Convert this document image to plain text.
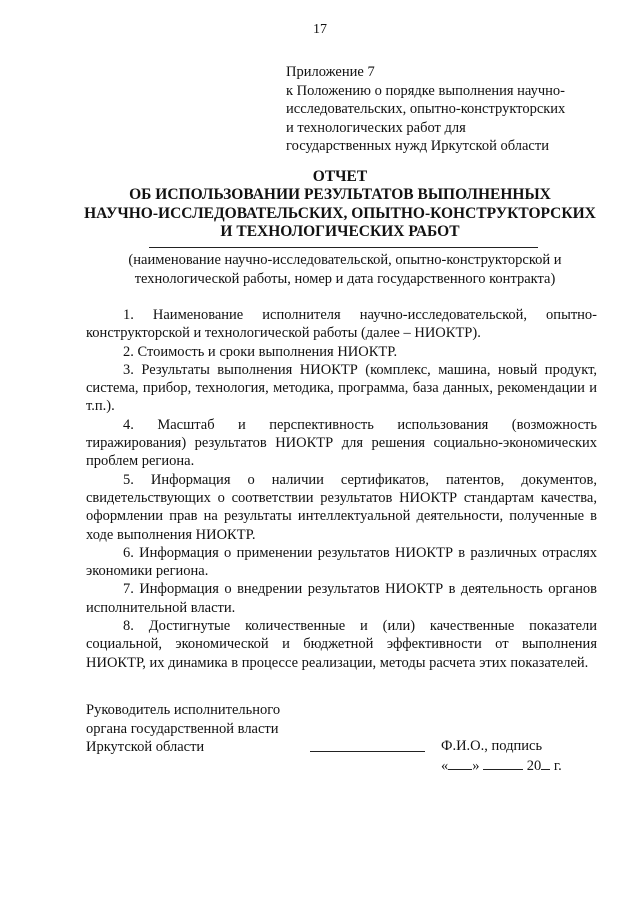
17
Приложение 7
к Положению о порядке выполнения научно-
исследовательских, опытно-конструкторских
и технологических работ для
государственных нужд Иркутской области
ОТЧЕТ
ОБ ИСПОЛЬЗОВАНИИ РЕЗУЛЬТАТОВ ВЫПОЛНЕННЫХ
НАУЧНО-ИССЛЕДОВАТЕЛЬСКИХ, ОПЫТНО-КОНСТРУКТОРСКИХ
И ТЕХНОЛОГИЧЕСКИХ РАБОТ
(наименование научно-исследовательской, опытно-конструкторской и
технологической работы, номер и дата государственного контракта)

1. Наименование исполнителя научно-исследовательской, опытно-конструкторской и технологической работы (далее – НИОКТР).

2. Стоимость и сроки выполнения НИОКТР.

3. Результаты выполнения НИОКТР (комплекс, машина, новый продукт, система, прибор, технология, методика, программа, база данных, рекомендации и т.п.).

4. Масштаб и перспективность использования (возможность тиражирования) результатов НИОКТР для решения социально-экономических проблем региона.

5. Информация о наличии сертификатов, патентов, документов, свидетельствующих о соответствии результатов НИОКТР стандартам качества, оформлении прав на результаты интеллектуальной деятельности, полученные в ходе выполнения НИОКТР.

6. Информация о применении результатов НИОКТР в различных отраслях экономики региона.

7. Информация о внедрении результатов НИОКТР в деятельность органов исполнительной власти.

8. Достигнутые количественные и (или) качественные показатели социальной, экономической и бюджетной эффективности от выполнения НИОКТР, их динамика в процессе реализации, методы расчета этих показателей.

Руководитель исполнительного
органа государственной власти
Иркутской области	Ф.И.О., подпись
« »	20 г.
